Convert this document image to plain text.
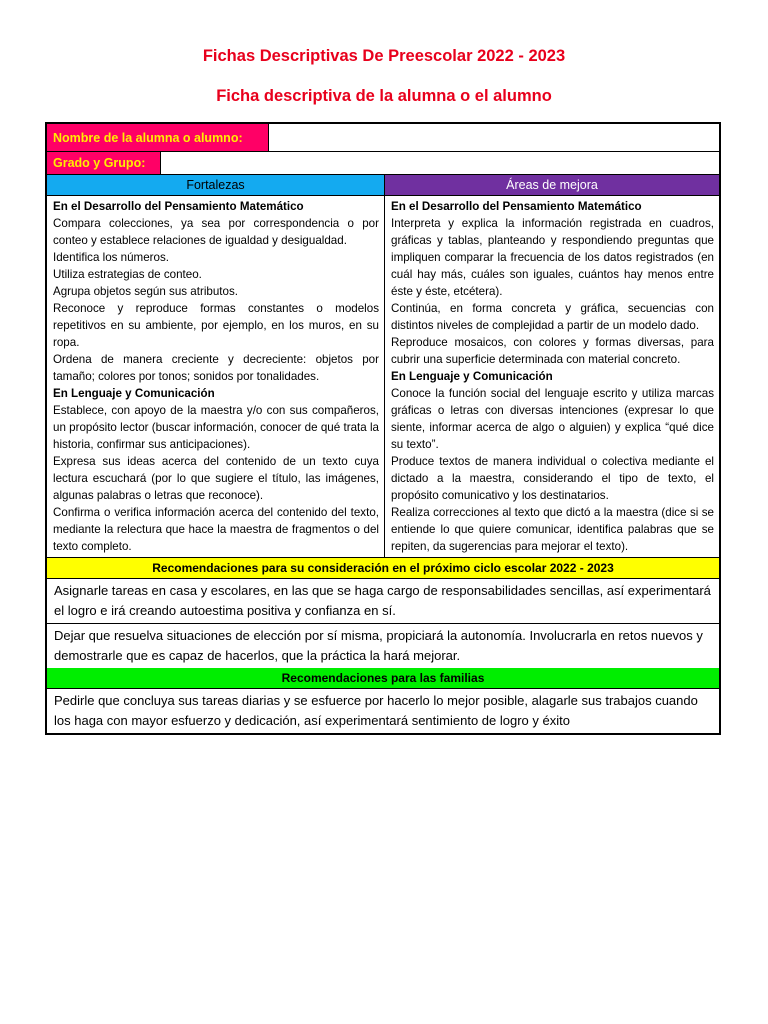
Fichas Descriptivas De Preescolar 2022 - 2023
Ficha descriptiva de la alumna o el alumno
Nombre de la alumna o alumno:
Grado y Grupo:
Fortalezas	Áreas de mejora
En el Desarrollo del Pensamiento Matemático
Compara colecciones, ya sea por correspondencia o por conteo y establece relaciones de igualdad y desigualdad.
Identifica los números.
Utiliza estrategias de conteo.
Agrupa objetos según sus atributos.
Reconoce y reproduce formas constantes o modelos repetitivos en su ambiente, por ejemplo, en los muros, en su ropa.
Ordena de manera creciente y decreciente: objetos por tamaño; colores por tonos; sonidos por tonalidades.
En Lenguaje y Comunicación
Establece, con apoyo de la maestra y/o con sus compañeros, un propósito lector (buscar información, conocer de qué trata la historia, confirmar sus anticipaciones).
Expresa sus ideas acerca del contenido de un texto cuya lectura escuchará (por lo que sugiere el título, las imágenes, algunas palabras o letras que reconoce).
Confirma o verifica información acerca del contenido del texto, mediante la relectura que hace la maestra de fragmentos o del texto completo.
En el Desarrollo del Pensamiento Matemático
Interpreta y explica la información registrada en cuadros, gráficas y tablas, planteando y respondiendo preguntas que impliquen comparar la frecuencia de los datos registrados (en cuál hay más, cuáles son iguales, cuántos hay menos entre éste y éste, etcétera).
Continúa, en forma concreta y gráfica, secuencias con distintos niveles de complejidad a partir de un modelo dado.
Reproduce mosaicos, con colores y formas diversas, para cubrir una superficie determinada con material concreto.
En Lenguaje y Comunicación
Conoce la función social del lenguaje escrito y utiliza marcas gráficas o letras con diversas intenciones (expresar lo que siente, informar acerca de algo o alguien) y explica “qué dice su texto”.
Produce textos de manera individual o colectiva mediante el dictado a la maestra, considerando el tipo de texto, el propósito comunicativo y los destinatarios.
Realiza correcciones al texto que dictó a la maestra (dice si se entiende lo que quiere comunicar, identifica palabras que se repiten, da sugerencias para mejorar el texto).
Recomendaciones para su consideración en el próximo ciclo escolar 2022 - 2023
Asignarle tareas en casa y escolares, en las que se haga cargo de responsabilidades sencillas, así experimentará el logro e irá creando autoestima positiva y confianza en sí.
Dejar que resuelva situaciones de elección por sí misma, propiciará la autonomía. Involucrarla en retos nuevos y demostrarle que es capaz de hacerlos, que la práctica la hará mejorar.
Recomendaciones para las familias
Pedirle que concluya sus tareas diarias y se esfuerce por hacerlo lo mejor posible, alagarle sus trabajos cuando los haga con mayor esfuerzo y dedicación, así experimentará sentimiento de logro y éxito
